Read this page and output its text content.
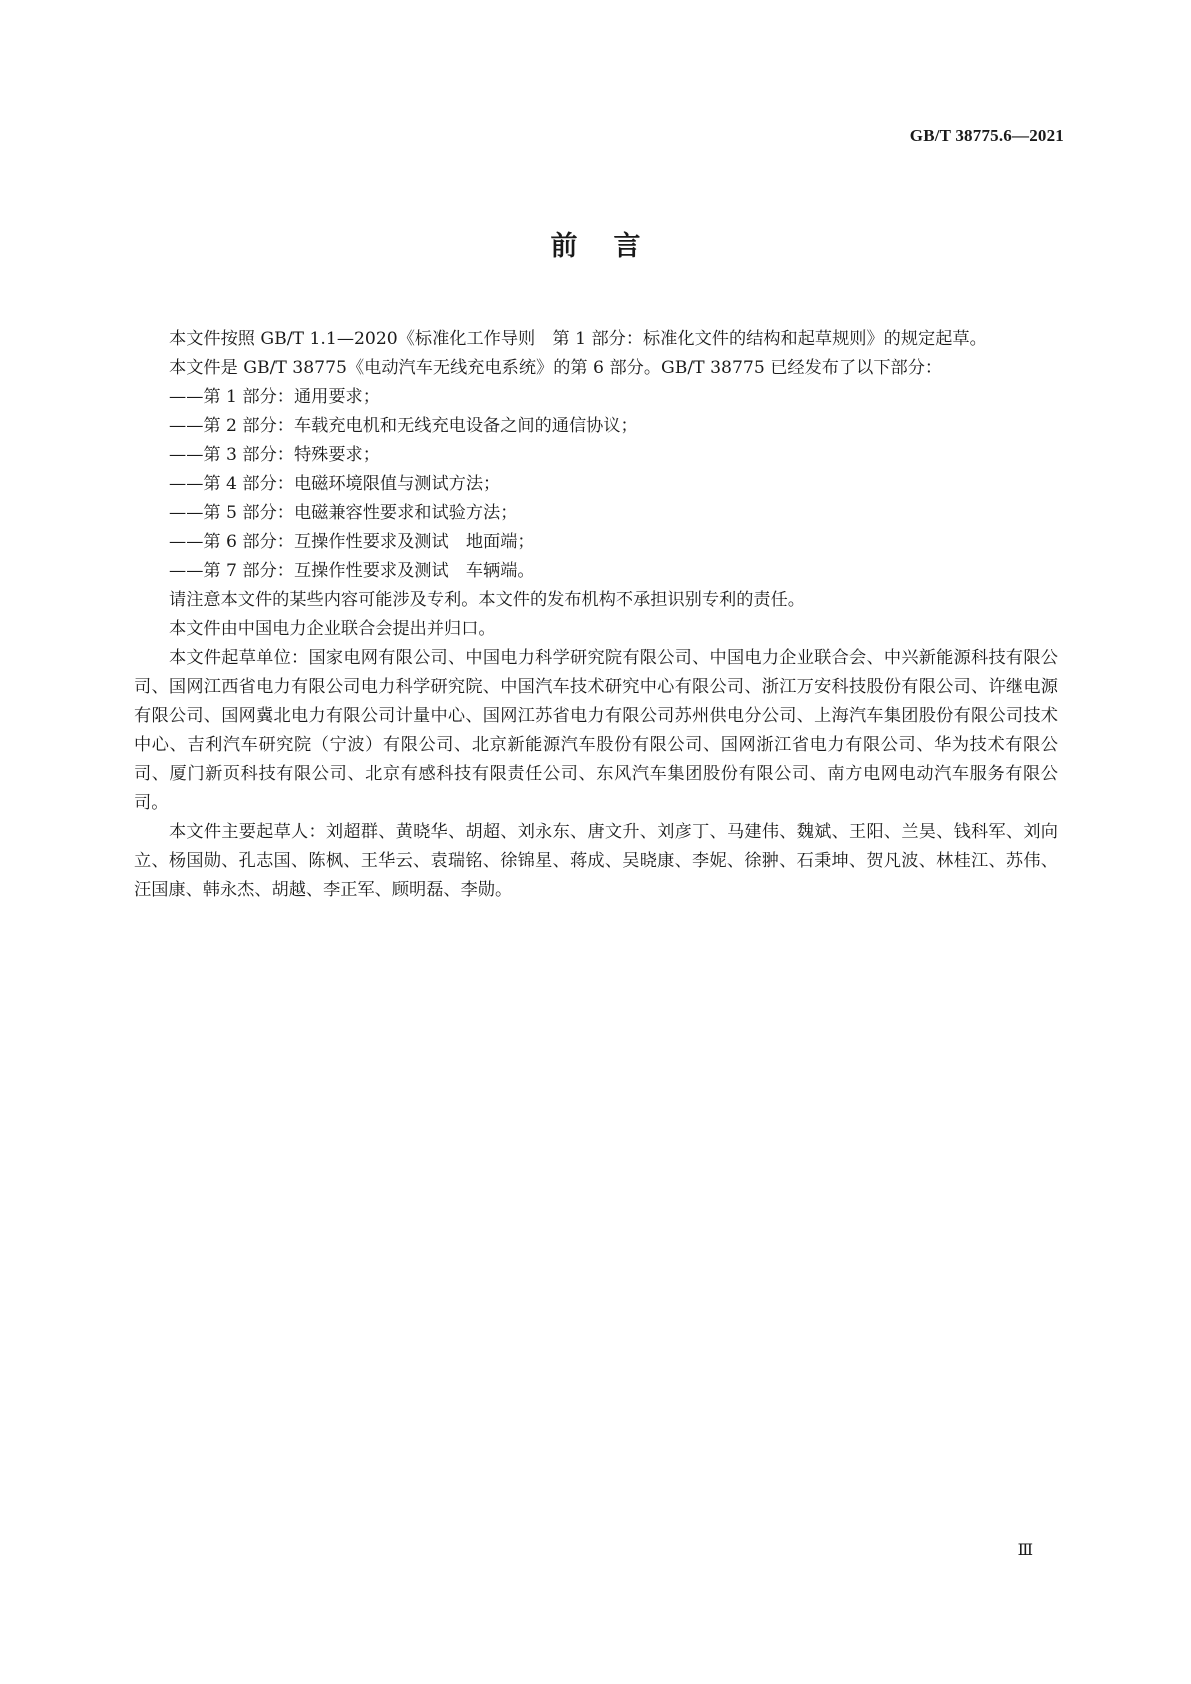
GB/T 38775.6—2021
前言

本文件按照 GB/T 1.1—2020《标准化工作导则　第 1 部分：标准化文件的结构和起草规则》的规定起草。

本文件是 GB/T 38775《电动汽车无线充电系统》的第 6 部分。GB/T 38775 已经发布了以下部分：

——第 1 部分：通用要求；

——第 2 部分：车载充电机和无线充电设备之间的通信协议；

——第 3 部分：特殊要求；

——第 4 部分：电磁环境限值与测试方法；

——第 5 部分：电磁兼容性要求和试验方法；

——第 6 部分：互操作性要求及测试　地面端；

——第 7 部分：互操作性要求及测试　车辆端。

请注意本文件的某些内容可能涉及专利。本文件的发布机构不承担识别专利的责任。

本文件由中国电力企业联合会提出并归口。

本文件起草单位：国家电网有限公司、中国电力科学研究院有限公司、中国电力企业联合会、中兴新能源科技有限公司、国网江西省电力有限公司电力科学研究院、中国汽车技术研究中心有限公司、浙江万安科技股份有限公司、许继电源有限公司、国网冀北电力有限公司计量中心、国网江苏省电力有限公司苏州供电分公司、上海汽车集团股份有限公司技术中心、吉利汽车研究院（宁波）有限公司、北京新能源汽车股份有限公司、国网浙江省电力有限公司、华为技术有限公司、厦门新页科技有限公司、北京有感科技有限责任公司、东风汽车集团股份有限公司、南方电网电动汽车服务有限公司。

本文件主要起草人：刘超群、黄晓华、胡超、刘永东、唐文升、刘彦丁、马建伟、魏斌、王阳、兰昊、钱科军、刘向立、杨国勋、孔志国、陈枫、王华云、袁瑞铭、徐锦星、蒋成、吴晓康、李妮、徐翀、石秉坤、贺凡波、林桂江、苏伟、汪国康、韩永杰、胡越、李正军、顾明磊、李勋。

Ⅲ
